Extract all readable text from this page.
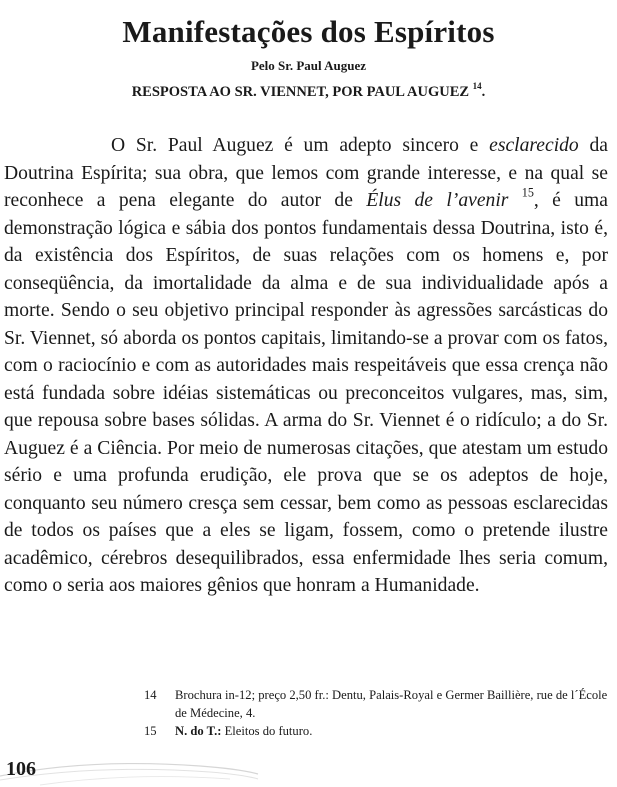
Manifestações dos Espíritos
Pelo Sr. Paul Auguez
RESPOSTA AO SR. VIENNET, POR PAUL AUGUEZ $^{14}$.

O Sr. Paul Auguez é um adepto sincero e esclarecido da Doutrina Espírita; sua obra, que lemos com grande interesse, e na qual se reconhece a pena elegante do autor de Élus de l’avenir $^{15}$, é uma demonstração lógica e sábia dos pontos fundamentais dessa Doutrina, isto é, da existência dos Espíritos, de suas relações com os homens e, por conseqüência, da imortalidade da alma e de sua individualidade após a morte. Sendo o seu objetivo principal responder às agressões sarcásticas do Sr. Viennet, só aborda os pontos capitais, limitando-se a provar com os fatos, com o raciocínio e com as autoridades mais respeitáveis que essa crença não está fundada sobre idéias sistemáticas ou preconceitos vulgares, mas, sim, que repousa sobre bases sólidas. A arma do Sr. Viennet é o ridículo; a do Sr. Auguez é a Ciência. Por meio de numerosas citações, que atestam um estudo sério e uma profunda erudição, ele prova que se os adeptos de hoje, conquanto seu número cresça sem cessar, bem como as pessoas esclarecidas de todos os países que a eles se ligam, fossem, como o pretende ilustre acadêmico, cérebros desequilibrados, essa enfermidade lhes seria comum, como o seria aos maiores gênios que honram a Humanidade.

14	Brochura in-12; preço 2,50 fr.: Dentu, Palais-Royal e Germer Baillière, rue de l´École de Médecine, 4.
15	N. do T.: Eleitos do futuro.
106
